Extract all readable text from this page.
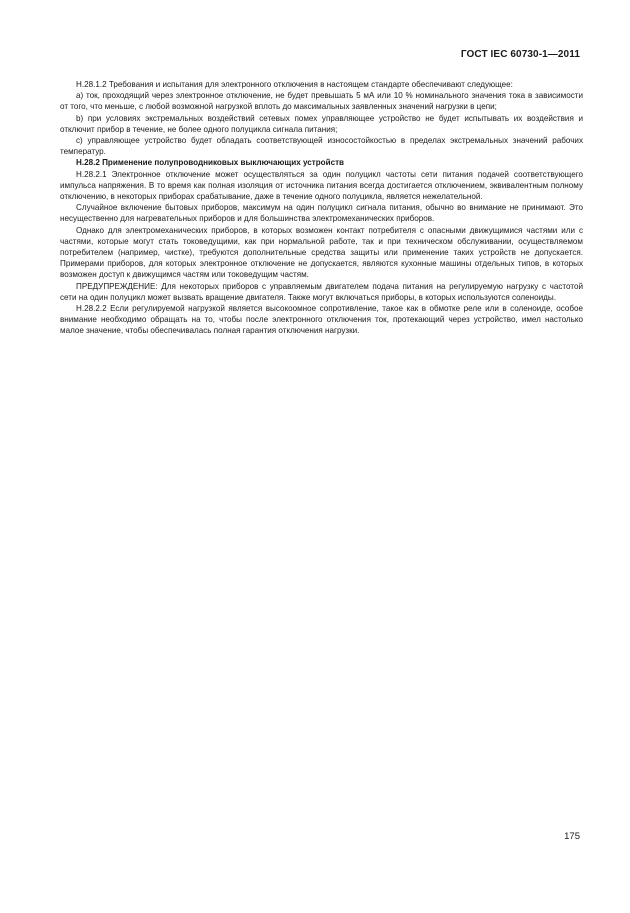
ГОСТ IEC 60730-1—2011

Н.28.1.2 Требования и испытания для электронного отключения в настоящем стандарте обеспечивают следующее:

a) ток, проходящий через электронное отключение, не будет превышать 5 мА или 10 % номинального значения тока в зависимости от того, что меньше, с любой возможной нагрузкой вплоть до максимальных заявленных значений нагрузки в цепи;

b) при условиях экстремальных воздействий сетевых помех управляющее устройство не будет испытывать их воздействия и отключит прибор в течение, не более одного полуцикла сигнала питания;

c) управляющее устройство будет обладать соответствующей износостойкостью в пределах экстремальных значений рабочих температур.

Н.28.2 Применение полупроводниковых выключающих устройств

Н.28.2.1 Электронное отключение может осуществляться за один полуцикл частоты сети питания подачей соответствующего импульса напряжения. В то время как полная изоляция от источника питания всегда достигается отключением, эквивалентным полному отключению, в некоторых приборах срабатывание, даже в течение одного полуцикла, является нежелательной.

Случайное включение бытовых приборов, максимум на один полуцикл сигнала питания, обычно во внимание не принимают. Это несущественно для нагревательных приборов и для большинства электромеханических приборов.

Однако для электромеханических приборов, в которых возможен контакт потребителя с опасными движущимися частями или с частями, которые могут стать токоведущими, как при нормальной работе, так и при техническом обслуживании, осуществляемом потребителем (например, чистке), требуются дополнительные средства защиты или применение таких устройств не допускается. Примерами приборов, для которых электронное отключение не допускается, являются кухонные машины отдельных типов, в которых возможен доступ к движущимся частям или токоведущим частям.

ПРЕДУПРЕЖДЕНИЕ: Для некоторых приборов с управляемым двигателем подача питания на регулируемую нагрузку с частотой сети на один полуцикл может вызвать вращение двигателя. Также могут включаться приборы, в которых используются соленоиды.

Н.28.2.2 Если регулируемой нагрузкой является высокоомное сопротивление, такое как в обмотке реле или в соленоиде, особое внимание необходимо обращать на то, чтобы после электронного отключения ток, протекающий через устройство, имел настолько малое значение, чтобы обеспечивалась полная гарантия отключения нагрузки.

175
